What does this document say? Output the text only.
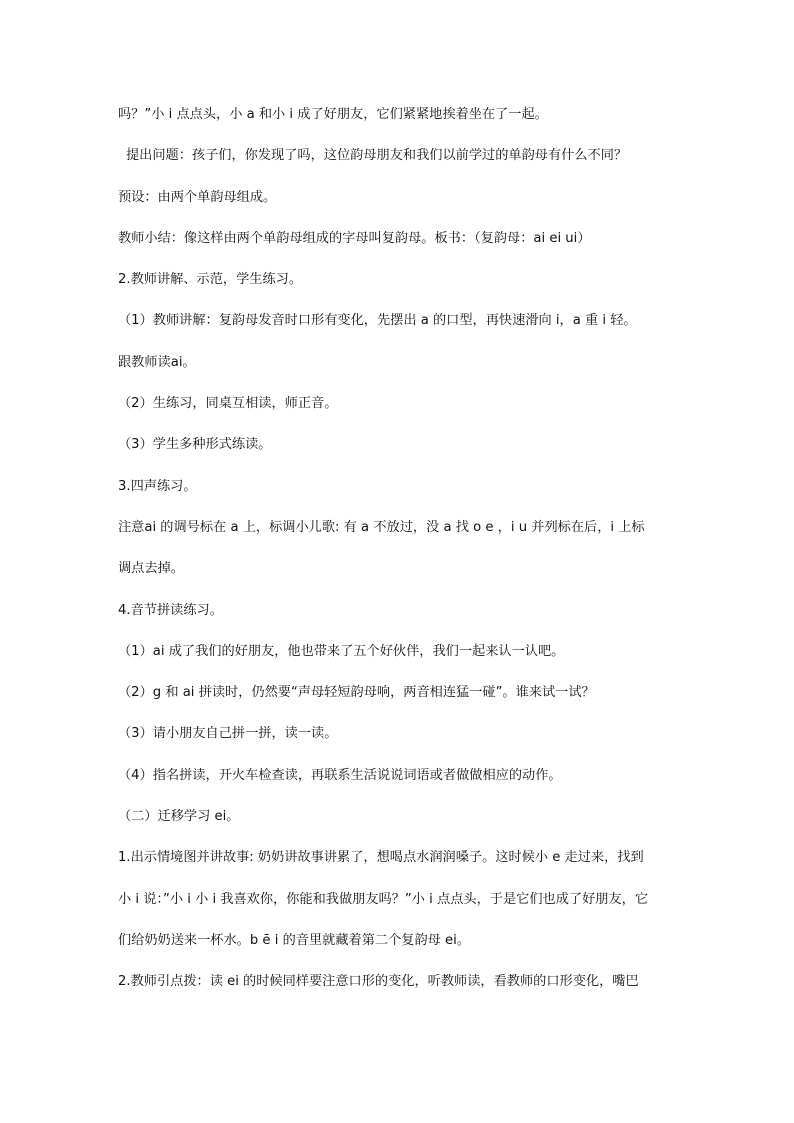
吗？”小 i 点点头，小 a 和小 i 成了好朋友，它们紧紧地挨着坐在了一起。
提出问题：孩子们，你发现了吗，这位韵母朋友和我们以前学过的单韵母有什么不同？
预设：由两个单韵母组成。
教师小结：像这样由两个单韵母组成的字母叫复韵母。板书：（复韵母：ai ei ui）
2.教师讲解、示范，学生练习。
（1）教师讲解：复韵母发音时口形有变化，先摆出 a 的口型，再快速滑向 i，a 重 i 轻。
跟教师读ai。
（2）生练习，同桌互相读，师正音。
（3）学生多种形式练读。
3.四声练习。
注意ai 的调号标在 a 上，标调小儿歌: 有 a 不放过，没 a 找 o e ，i u 并列标在后，i 上标
调点去掉。
4.音节拼读练习。
（1）ai 成了我们的好朋友，他也带来了五个好伙伴，我们一起来认一认吧。
（2）g 和 ai 拼读时，仍然要“声母轻短韵母响，两音相连猛一碰”。谁来试一试？
（3）请小朋友自己拼一拼，读一读。
（4）指名拼读，开火车检查读，再联系生活说说词语或者做做相应的动作。
（二）迁移学习 ei。
1.出示情境图并讲故事: 奶奶讲故事讲累了，想喝点水润润嗓子。这时候小 e 走过来，找到
小 i 说：”小 i 小 i 我喜欢你，你能和我做朋友吗？”小 i 点点头，于是它们也成了好朋友，它
们给奶奶送来一杯水。b ē i 的音里就藏着第二个复韵母 ei。
2.教师引点拨：读 ei 的时候同样要注意口形的变化，听教师读，看教师的口形变化，嘴巴
